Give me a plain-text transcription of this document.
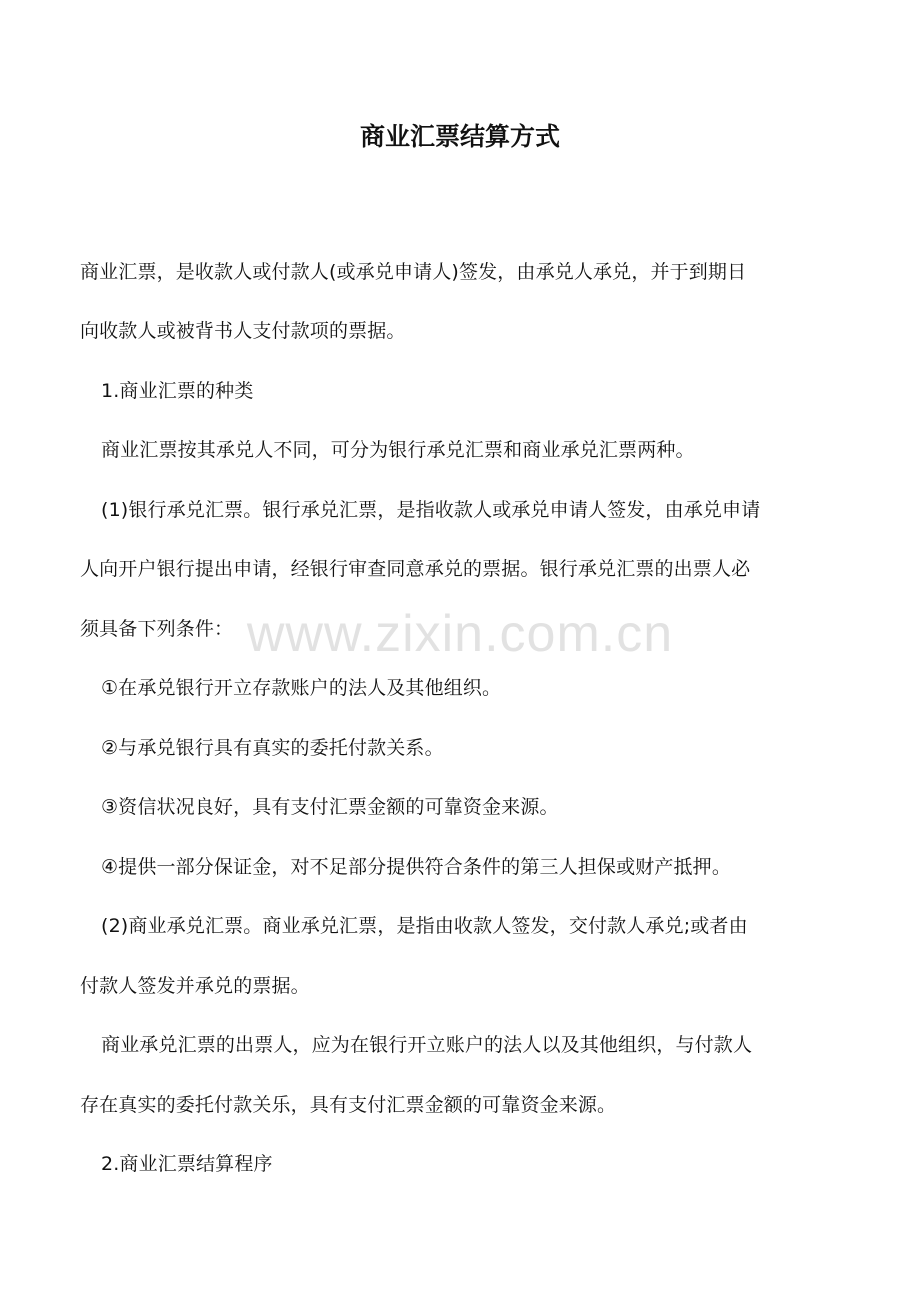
www.zixin.com.cn
商业汇票结算方式
商业汇票，是收款人或付款人(或承兑申请人)签发，由承兑人承兑，并于到期日
向收款人或被背书人支付款项的票据。
1.商业汇票的种类
商业汇票按其承兑人不同，可分为银行承兑汇票和商业承兑汇票两种。
(1)银行承兑汇票。银行承兑汇票，是指收款人或承兑申请人签发，由承兑申请
人向开户银行提出申请，经银行审查同意承兑的票据。银行承兑汇票的出票人必
须具备下列条件：
①在承兑银行开立存款账户的法人及其他组织。
②与承兑银行具有真实的委托付款关系。
③资信状况良好，具有支付汇票金额的可靠资金来源。
④提供一部分保证金，对不足部分提供符合条件的第三人担保或财产抵押。
(2)商业承兑汇票。商业承兑汇票，是指由收款人签发，交付款人承兑;或者由
付款人签发并承兑的票据。
商业承兑汇票的出票人，应为在银行开立账户的法人以及其他组织，与付款人
存在真实的委托付款关乐，具有支付汇票金额的可靠资金来源。
2.商业汇票结算程序
